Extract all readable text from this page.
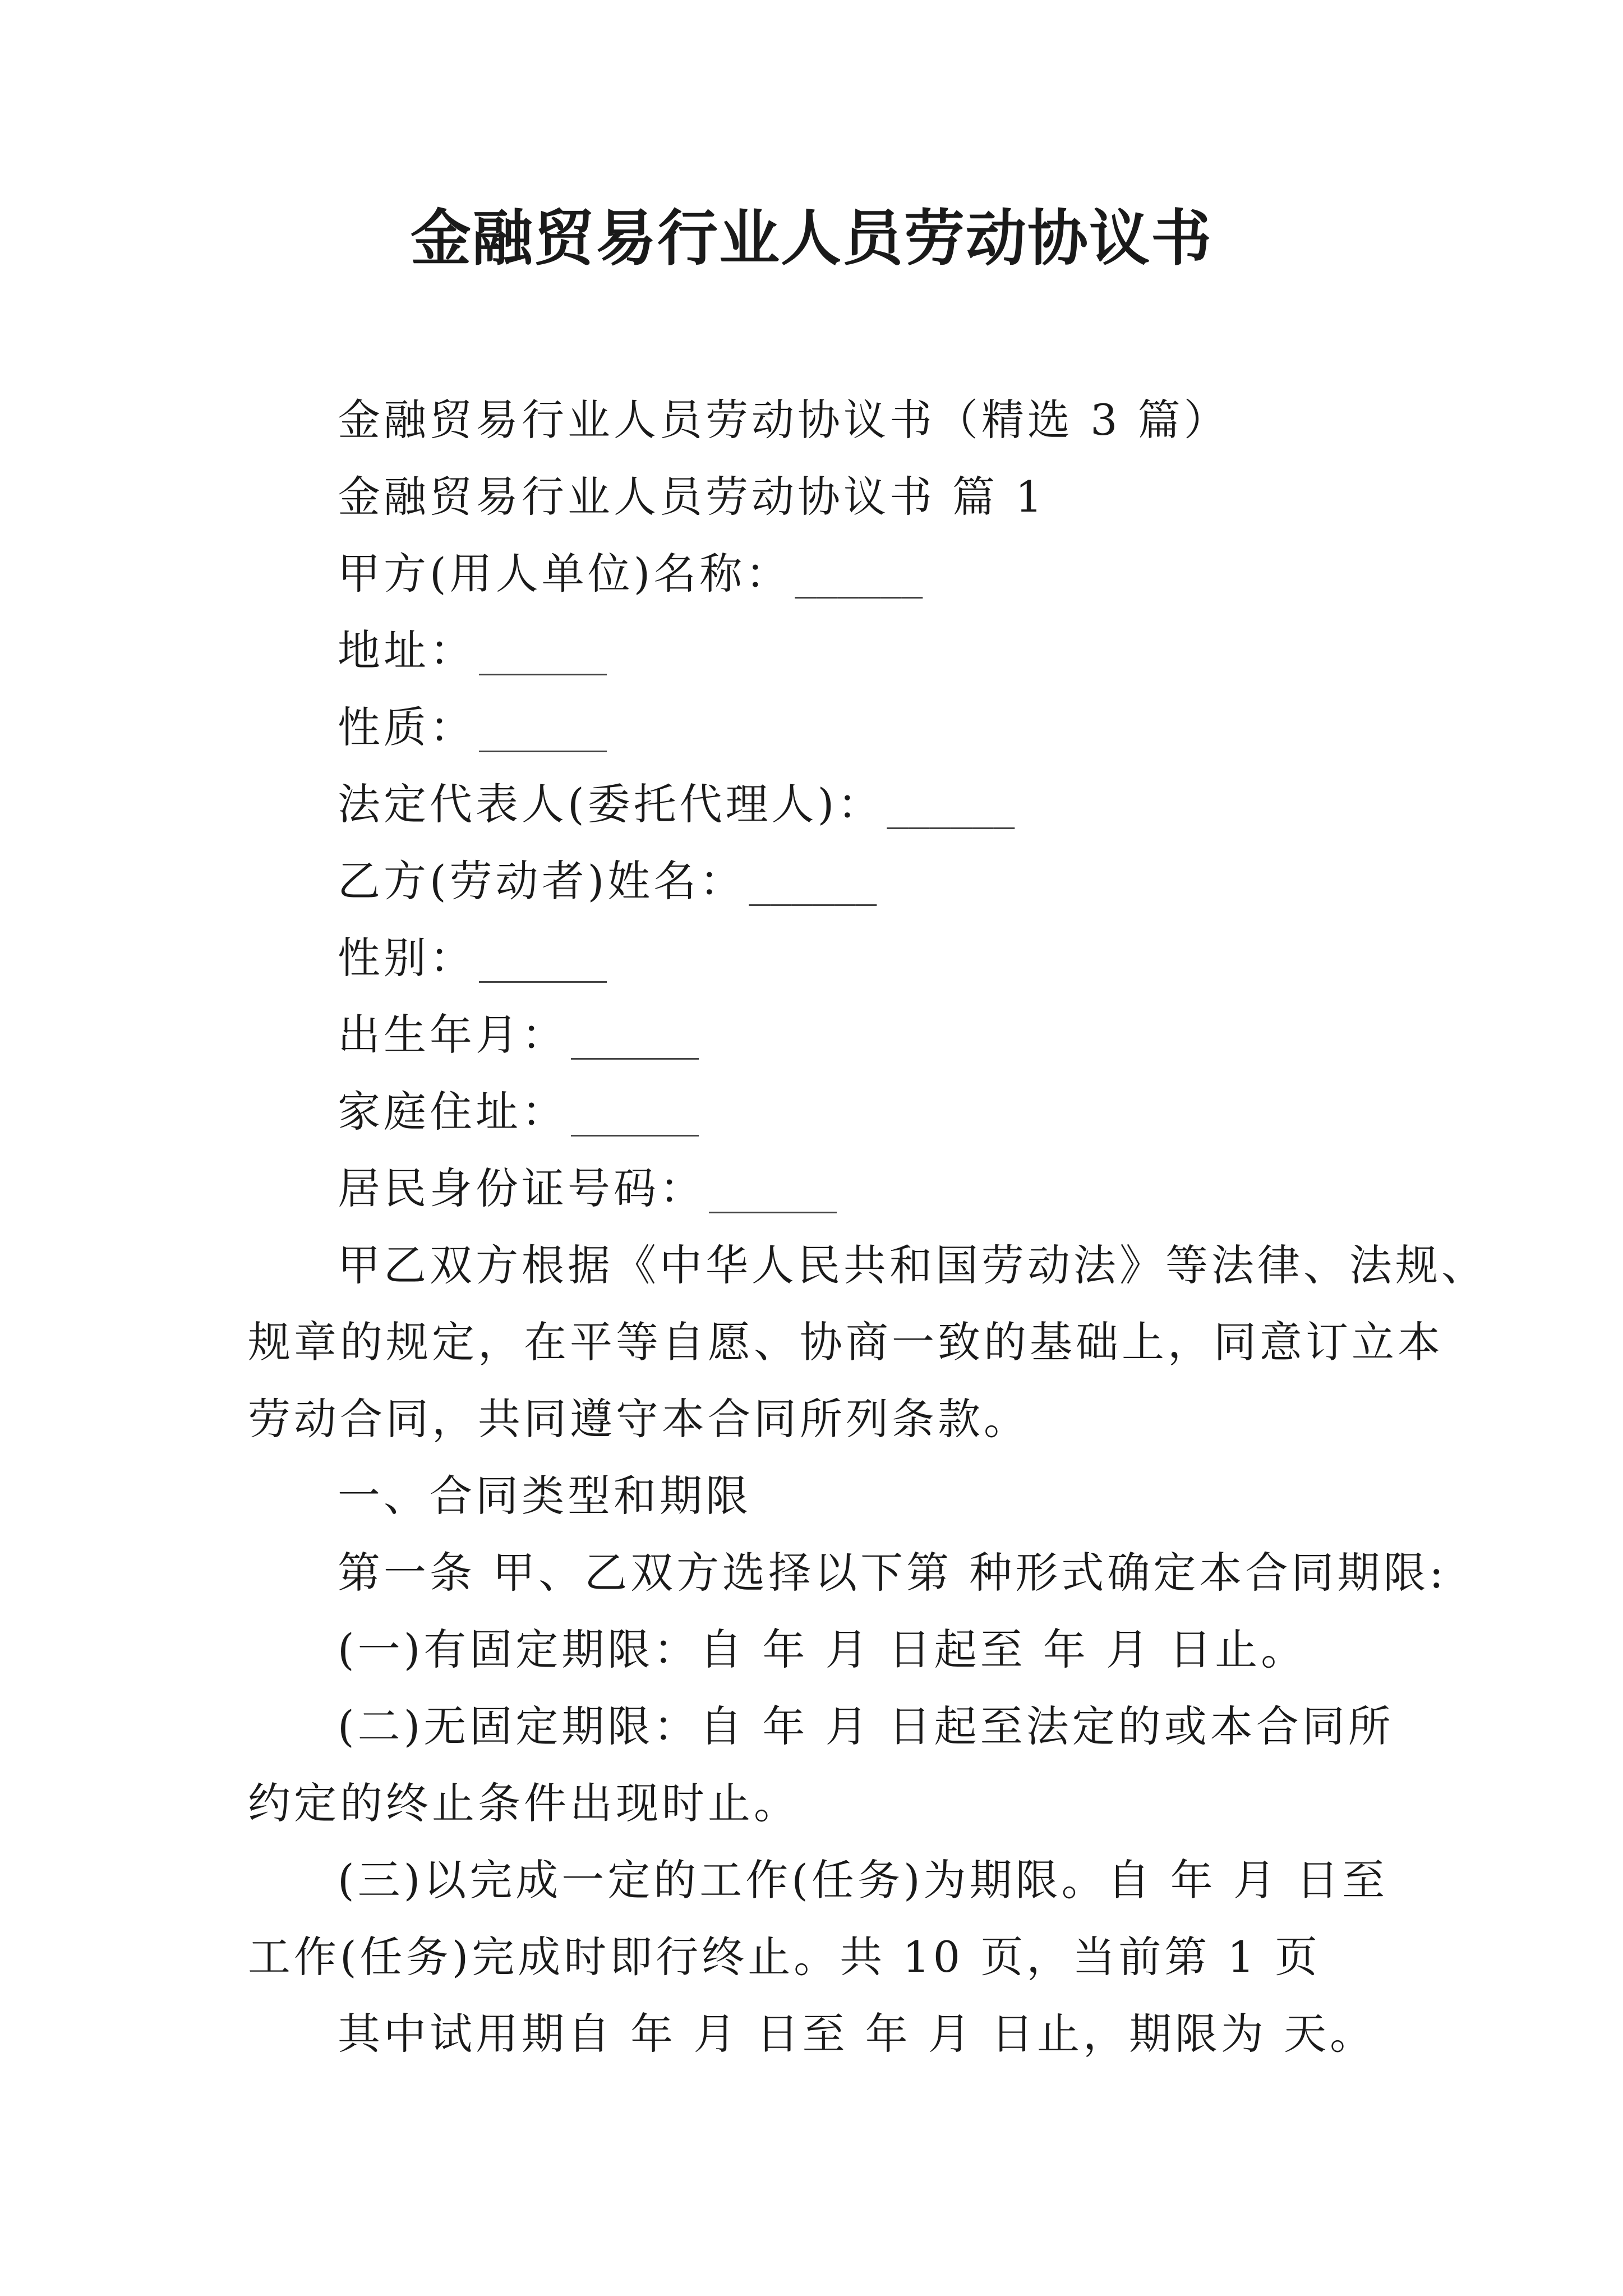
金融贸易行业人员劳动协议书
金融贸易行业人员劳动协议书（精选 3 篇）
金融贸易行业人员劳动协议书 篇 1
甲方(用人单位)名称：______
地址：______
性质：______
法定代表人(委托代理人)：______
乙方(劳动者)姓名：______
性别：______
出生年月：______
家庭住址：______
居民身份证号码：______
甲乙双方根据《中华人民共和国劳动法》等法律、法规、
规章的规定，在平等自愿、协商一致的基础上，同意订立本
劳动合同，共同遵守本合同所列条款。
一、合同类型和期限
第一条 甲、乙双方选择以下第 种形式确定本合同期限:
(一)有固定期限：自 年 月 日起至 年 月 日止。
(二)无固定期限：自 年 月 日起至法定的或本合同所
约定的终止条件出现时止。
(三)以完成一定的工作(任务)为期限。自 年 月 日至
工作(任务)完成时即行终止。共 10 页，当前第 1 页
其中试用期自 年 月 日至 年 月 日止，期限为 天。
